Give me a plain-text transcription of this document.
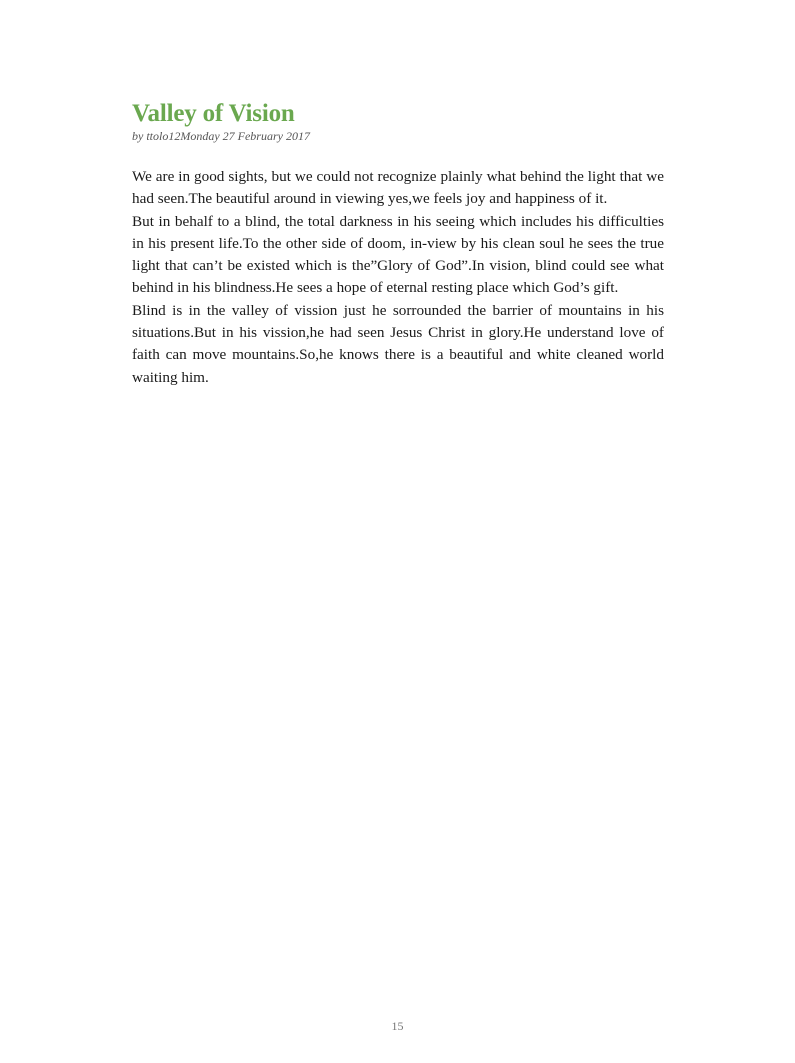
Valley of Vision
by ttolo12Monday 27 February 2017

We are in good sights, but we could not recognize plainly what behind the light that we had seen.The beautiful around in viewing yes,we feels joy and happiness of it.

But in behalf to a blind, the total darkness in his seeing which includes his difficulties in his present life.To the other side of doom, in-view by his clean soul he sees the true light that can’t be existed which is the”Glory of God”.In vision, blind could see what behind in his blindness.He sees a hope of eternal resting place which God’s gift.

Blind is in the valley of vission just he sorrounded the barrier of mountains in his situations.But in his vission,he had seen Jesus Christ in glory.He understand love of faith can move mountains.So,he knows there is a beautiful and white cleaned world waiting him.

15
